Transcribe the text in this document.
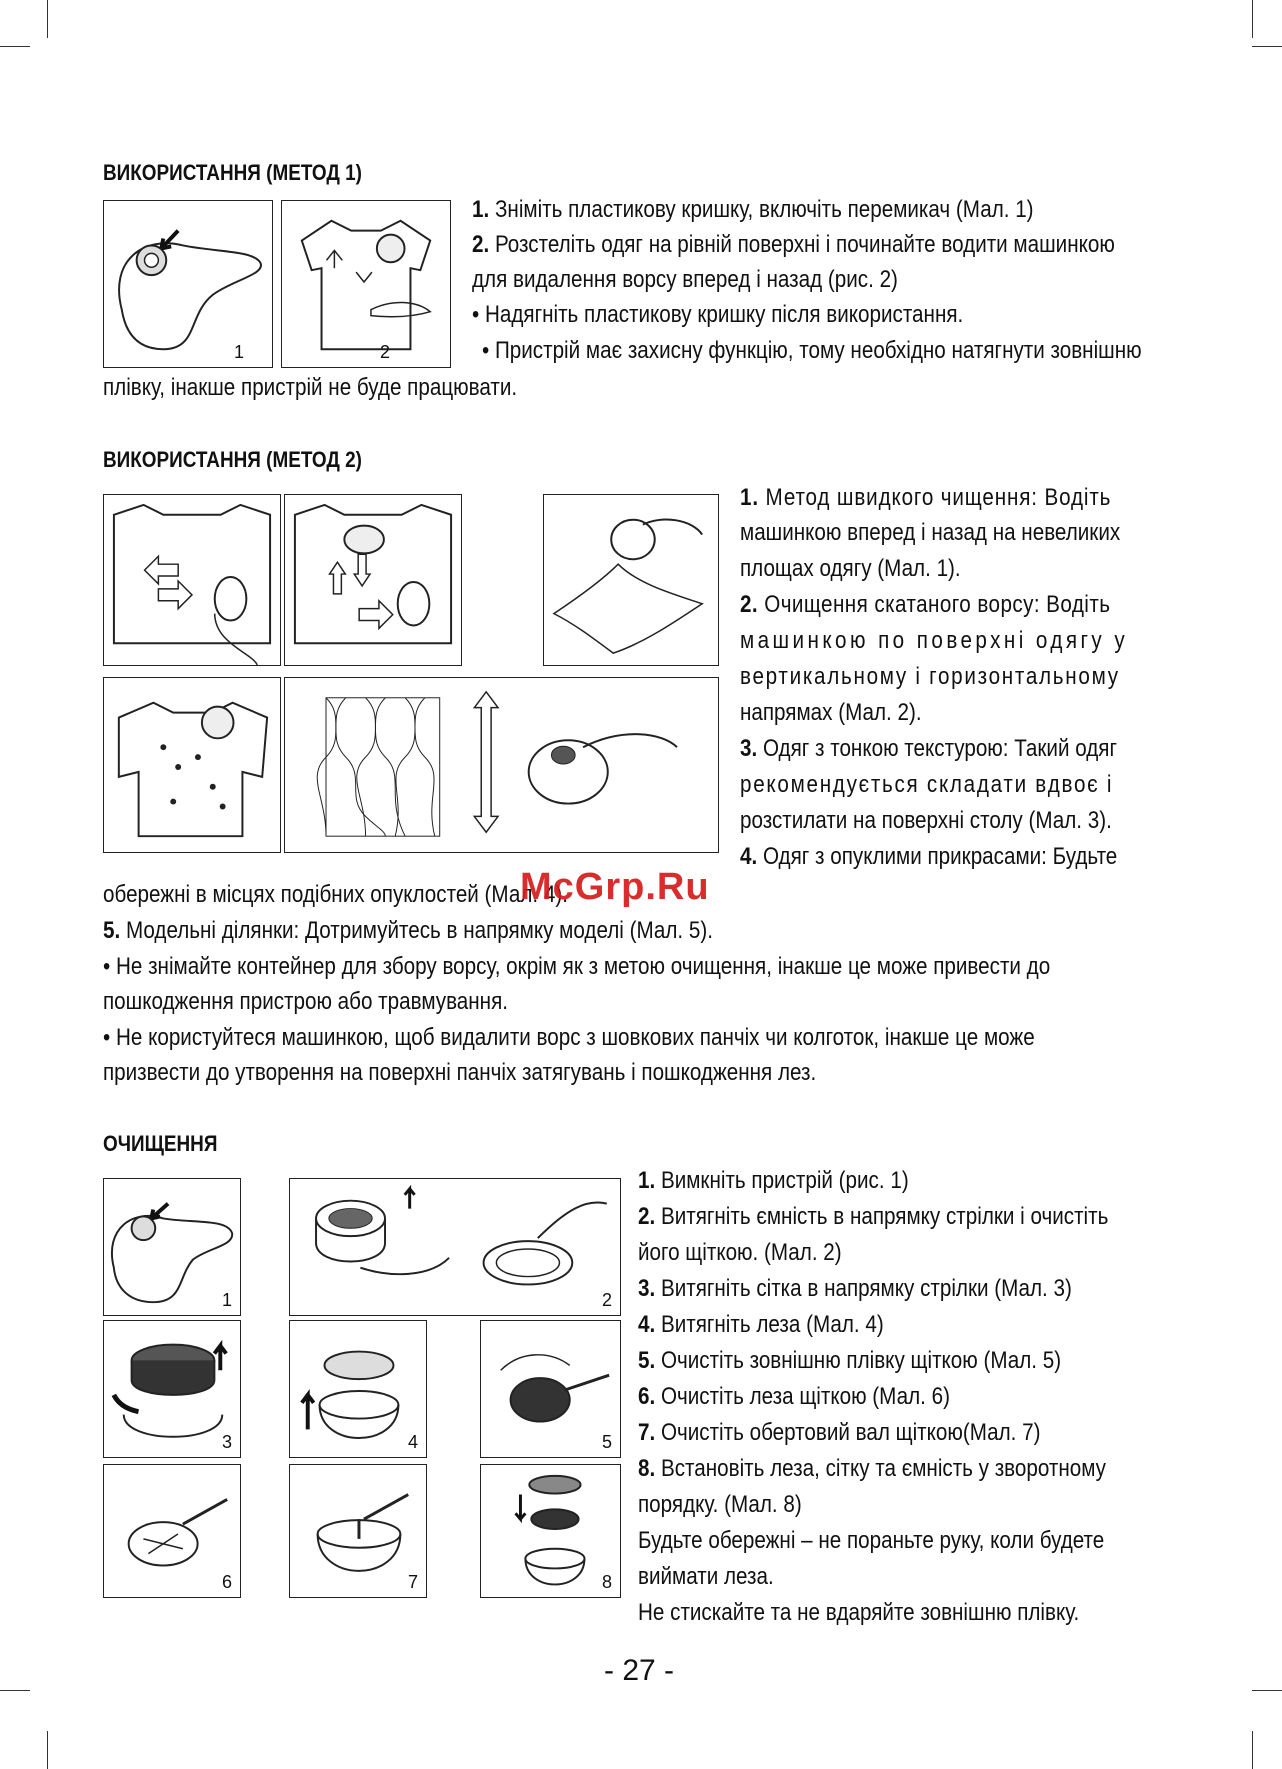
ВИКОРИСТАННЯ (МЕТОД 1)
1	2

1. Зніміть пластикову кришку, включіть перемикач (Мал. 1)

2. Розстеліть одяг на рівній поверхні і починайте водити машинкою

для видалення ворсу вперед і назад (рис. 2)

• Надягніть пластикову кришку після використання.

• Пристрій має захисну функцію, тому необхідно натягнути зовнішню

плівку, інакше пристрій не буде працювати.

ВИКОРИСТАННЯ (МЕТОД 2)

1. Метод швидкого чищення: Водіть

машинкою вперед і назад на невеликих

площах одягу (Мал. 1).

2. Очищення скатаного ворсу: Водіть

машинкою по поверхні одягу у

вертикальному і горизонтальному

напрямах (Мал. 2).

3. Одяг з тонкою текстурою: Такий одяг

рекомендується складати вдвоє і

розстилати на поверхні столу (Мал. 3).

4. Одяг з опуклими прикрасами: Будьте

обережні в місцях подібних опуклостей (Мал. 4).

5. Модельні ділянки: Дотримуйтесь в напрямку моделі (Мал. 5).

• Не знімайте контейнер для збору ворсу, окрім як з метою очищення, інакше це може привести до

пошкодження пристрою або травмування.

• Не користуйтеся машинкою, щоб видалити ворс з шовкових панчіх чи колготок, інакше це може

призвести до утворення на поверхні панчіх затягувань і пошкодження лез.

McGrp.Ru
ОЧИЩЕННЯ
1	2
3	4	5
6	7	8

1. Вимкніть пристрій (рис. 1)

2. Витягніть ємність в напрямку стрілки і очистіть

його щіткою. (Мал. 2)

3. Витягніть сітка в напрямку стрілки (Мал. 3)

4. Витягніть леза (Мал. 4)

5. Очистіть зовнішню плівку щіткою (Мал. 5)

6. Очистіть леза щіткою (Мал. 6)

7. Очистіть обертовий вал щіткою(Мал. 7)

8. Встановіть леза, сітку та ємність у зворотному

порядку. (Мал. 8)

Будьте обережні – не пораньте руку, коли будете

виймати леза.

Не стискайте та не вдаряйте зовнішню плівку.

- 27 -
